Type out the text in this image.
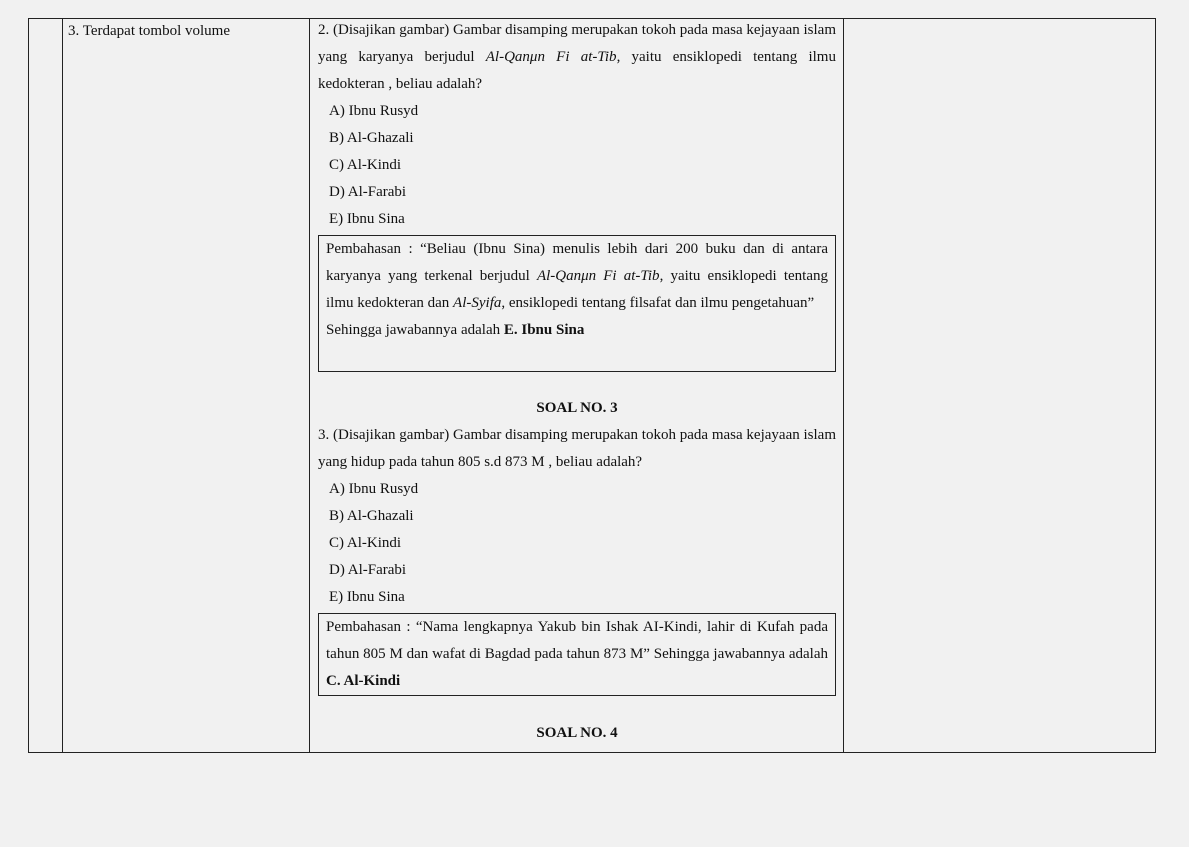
3. Terdapat tombol volume	2. (Disajikan gambar) Gambar disamping merupakan tokoh pada masa kejayaan islam yang karyanya berjudul Al-Qanμn Fi at-Tib, yaitu ensiklopedi tentang ilmu kedokteran , beliau adalah?

A) Ibnu Rusyd
B) Al-Ghazali
C) Al-Kindi
D) Al-Farabi
E) Ibnu Sina

Pembahasan : “Beliau (Ibnu Sina) menulis lebih dari 200 buku dan di antara karyanya yang terkenal berjudul Al-Qanμn Fi at-Tib, yaitu ensiklopedi tentang ilmu kedokteran dan Al-Syifa, ensiklopedi tentang filsafat dan ilmu pengetahuan”

Sehingga jawabannya adalah E. Ibnu Sina

SOAL NO. 3

3. (Disajikan gambar) Gambar disamping merupakan tokoh pada masa kejayaan islam yang hidup pada tahun 805 s.d 873 M , beliau adalah?

A) Ibnu Rusyd
B) Al-Ghazali
C) Al-Kindi
D) Al-Farabi
E) Ibnu Sina

Pembahasan : “Nama lengkapnya Yakub bin Ishak AI-Kindi, lahir di Kufah pada tahun 805 M dan wafat di Bagdad pada tahun 873 M” Sehingga jawabannya adalah C. Al-Kindi

SOAL NO. 4
